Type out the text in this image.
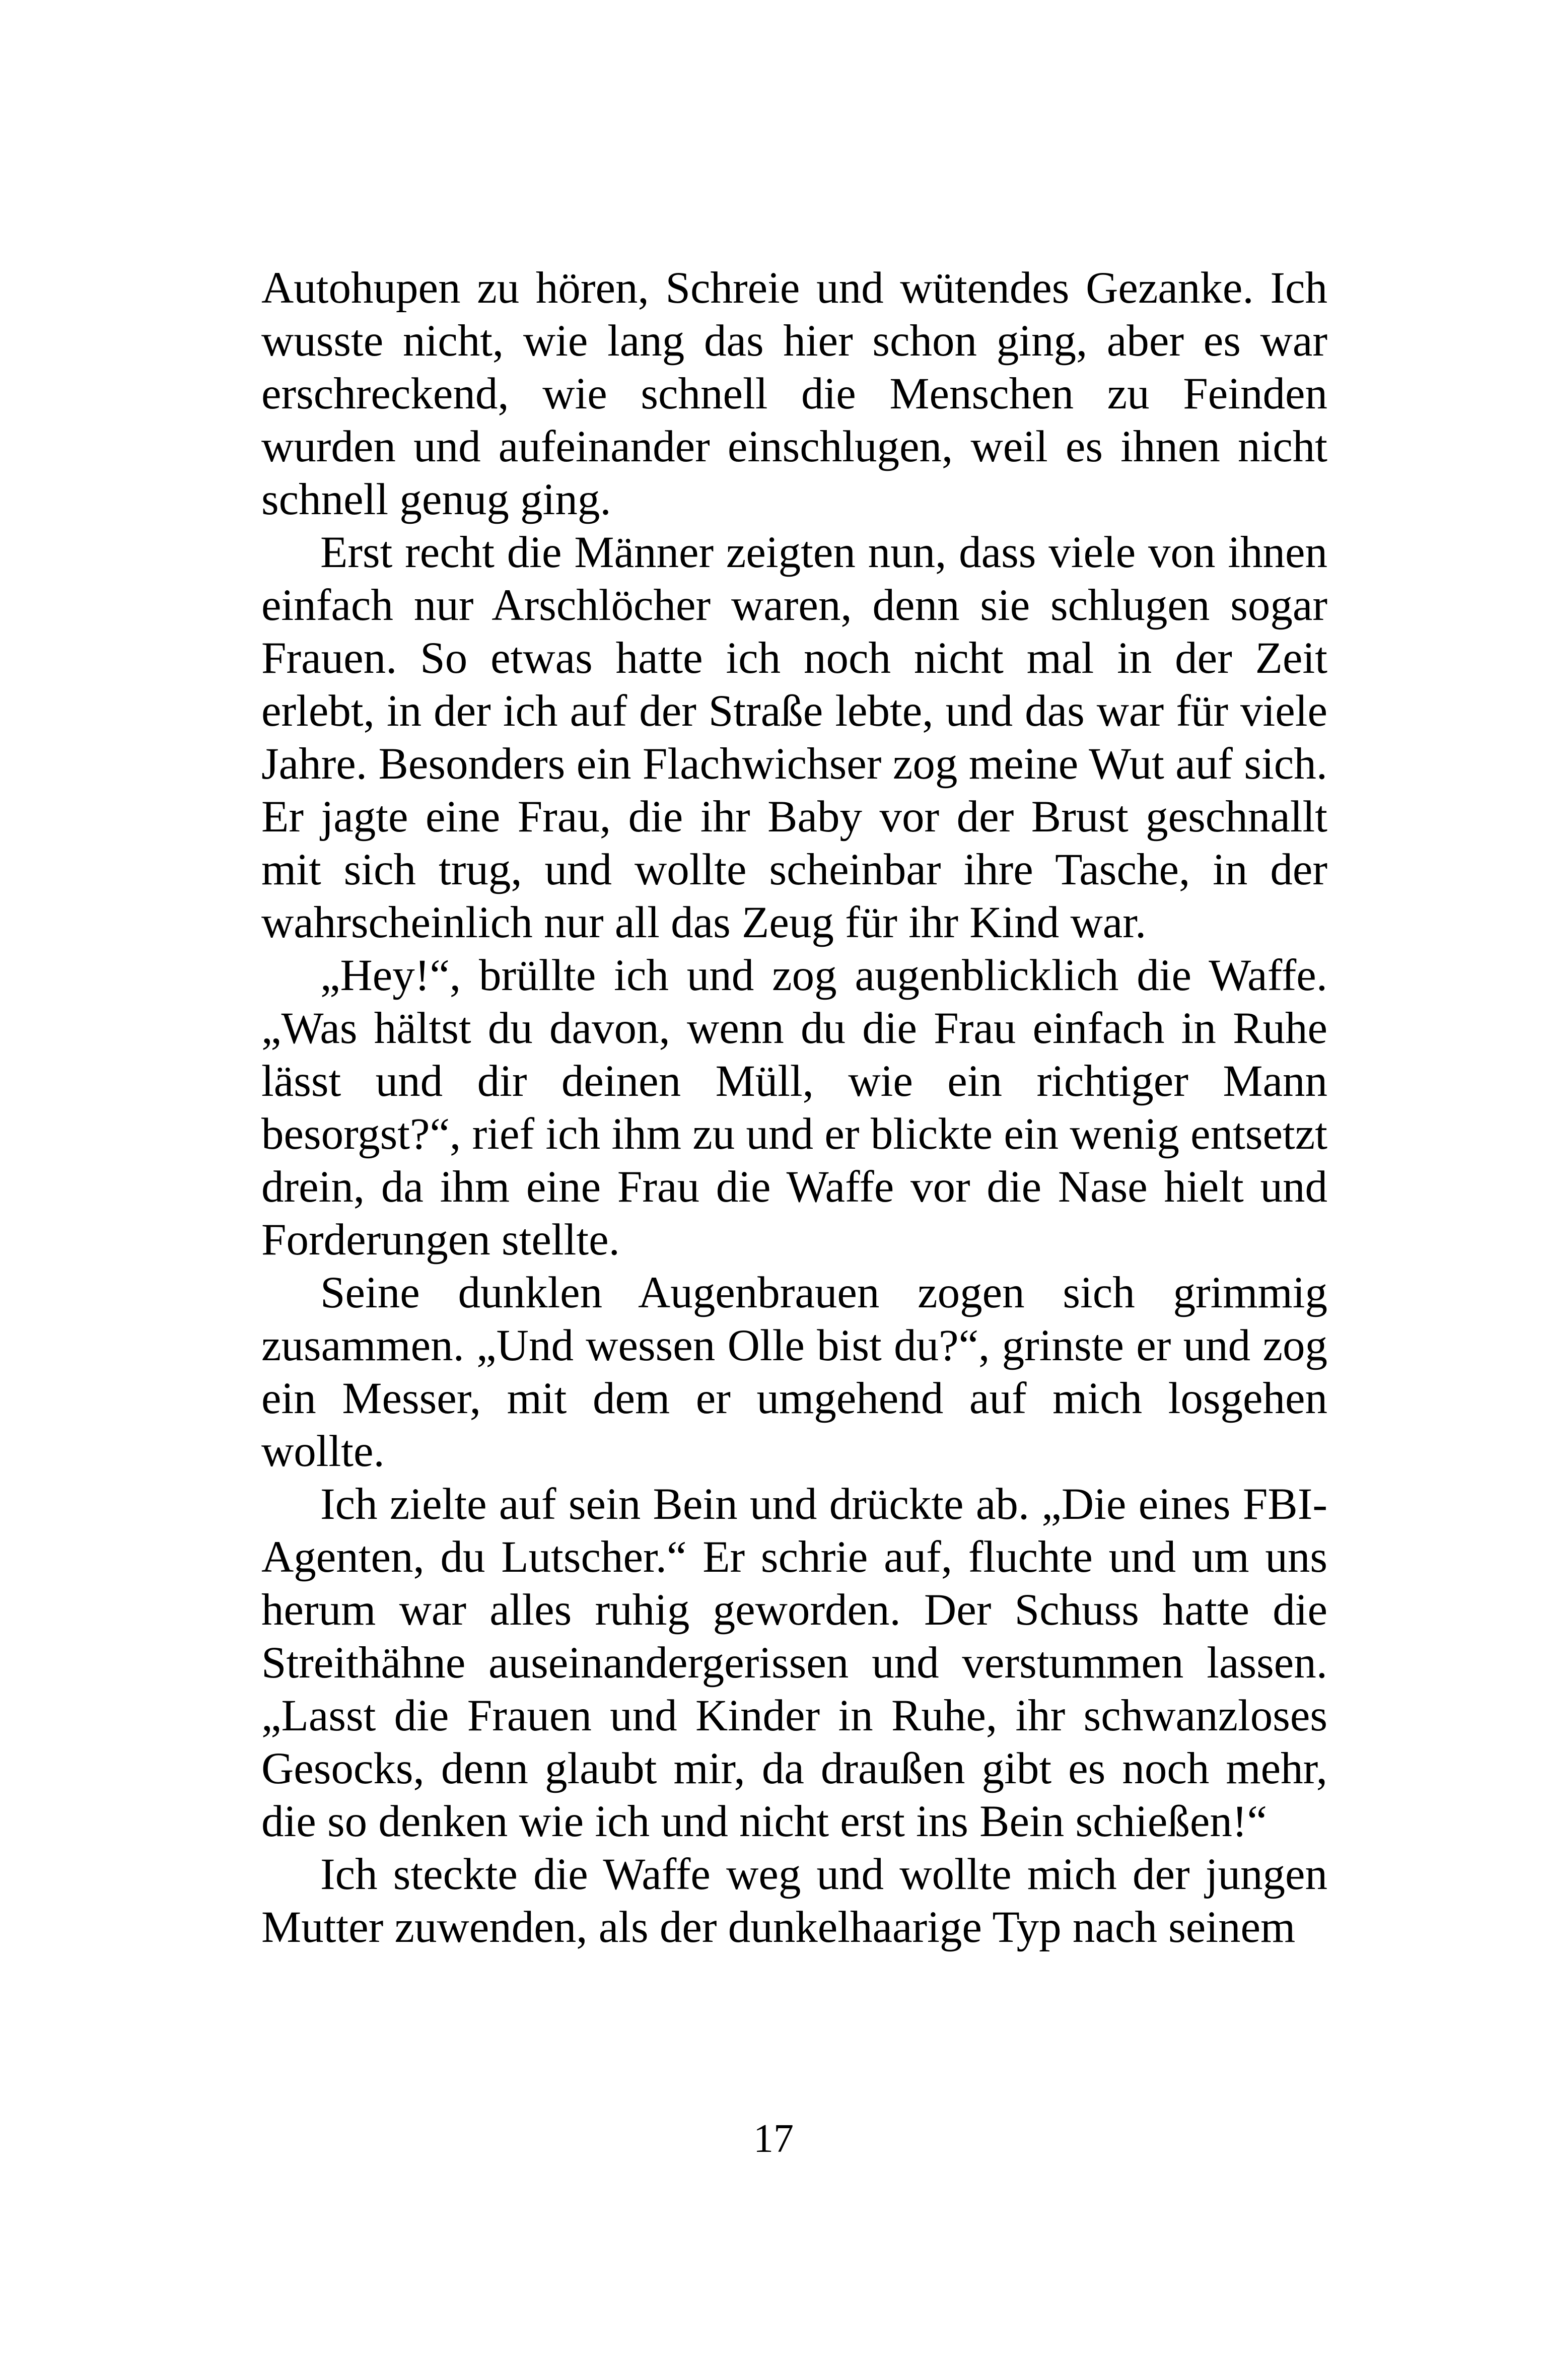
Autohupen zu hören, Schreie und wütendes Gezanke. Ich wusste nicht, wie lang das hier schon ging, aber es war erschreckend, wie schnell die Menschen zu Feinden wurden und aufeinander einschlugen, weil es ihnen nicht schnell genug ging.

Erst recht die Männer zeigten nun, dass viele von ihnen einfach nur Arschlöcher waren, denn sie schlugen sogar Frauen. So etwas hatte ich noch nicht mal in der Zeit erlebt, in der ich auf der Straße lebte, und das war für viele Jahre. Besonders ein Flachwichser zog meine Wut auf sich. Er jagte eine Frau, die ihr Baby vor der Brust geschnallt mit sich trug, und wollte scheinbar ihre Tasche, in der wahrscheinlich nur all das Zeug für ihr Kind war.

„Hey!“, brüllte ich und zog augenblicklich die Waffe. „Was hältst du davon, wenn du die Frau einfach in Ruhe lässt und dir deinen Müll, wie ein richtiger Mann besorgst?“, rief ich ihm zu und er blickte ein wenig entsetzt drein, da ihm eine Frau die Waffe vor die Nase hielt und Forderungen stellte.

Seine dunklen Augenbrauen zogen sich grimmig zusammen. „Und wessen Olle bist du?“, grinste er und zog ein Messer, mit dem er umgehend auf mich losgehen wollte.

Ich zielte auf sein Bein und drückte ab. „Die eines FBI-Agenten, du Lutscher.“ Er schrie auf, fluchte und um uns herum war alles ruhig geworden. Der Schuss hatte die Streithähne auseinandergerissen und verstummen lassen. „Lasst die Frauen und Kinder in Ruhe, ihr schwanzloses Gesocks, denn glaubt mir, da draußen gibt es noch mehr, die so denken wie ich und nicht erst ins Bein schießen!“

Ich steckte die Waffe weg und wollte mich der jungen Mutter zuwenden, als der dunkelhaarige Typ nach seinem

17
